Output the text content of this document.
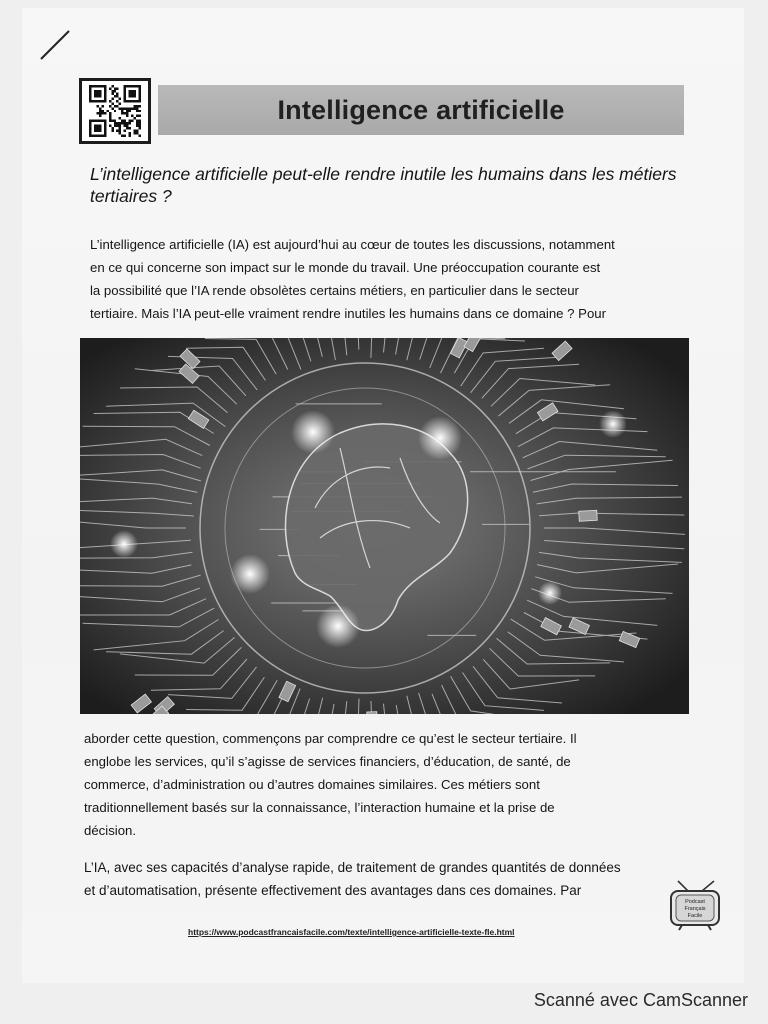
Intelligence artificielle

L’intelligence artificielle peut-elle rendre inutile les humains dans les métiers tertiaires ?

L’intelligence artificielle (IA) est aujourd’hui au cœur de toutes les discussions, notamment
en ce qui concerne son impact sur le monde du travail. Une préoccupation courante est
la possibilité que l’IA rende obsolètes certains métiers, en particulier dans le secteur
tertiaire. Mais l’IA peut-elle vraiment rendre inutiles les humains dans ce domaine ? Pour

aborder cette question, commençons par comprendre ce qu’est le secteur tertiaire. Il
englobe les services, qu’il s’agisse de services financiers, d’éducation, de santé, de
commerce, d’administration ou d’autres domaines similaires. Ces métiers sont
traditionnellement basés sur la connaissance, l’interaction humaine et la prise de
décision.

L’IA, avec ses capacités d’analyse rapide, de traitement de grandes quantités de données
et d’automatisation, présente effectivement des avantages dans ces domaines. Par

Podcast
Français
Facile
https://www.podcastfrancaisfacile.com/texte/intelligence-artificielle-texte-fle.html
Scanné avec CamScanner
